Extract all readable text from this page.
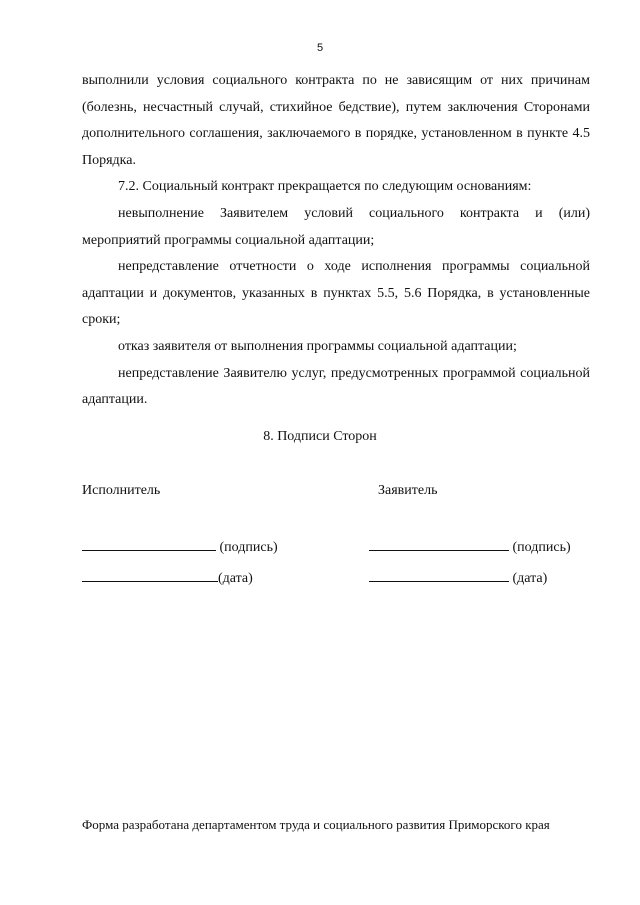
5

выполнили условия социального контракта по не зависящим от них причинам (болезнь, несчастный случай, стихийное бедствие), путем заключения Сторонами дополнительного соглашения, заключаемого в порядке, установленном в пункте 4.5 Порядка.

7.2. Социальный контракт прекращается по следующим основаниям:

невыполнение Заявителем условий социального контракта и (или) мероприятий программы социальной адаптации;

непредставление отчетности о ходе исполнения программы социальной адаптации и документов, указанных в пунктах 5.5, 5.6 Порядка, в установленные сроки;

отказ заявителя от выполнения программы социальной адаптации;

непредставление Заявителю услуг, предусмотренных программой социальной адаптации.

8. Подписи Сторон
Исполнитель	Заявитель
(подпись)
(дата)
(подпись)
(дата)
Форма разработана департаментом труда и социального развития Приморского края
